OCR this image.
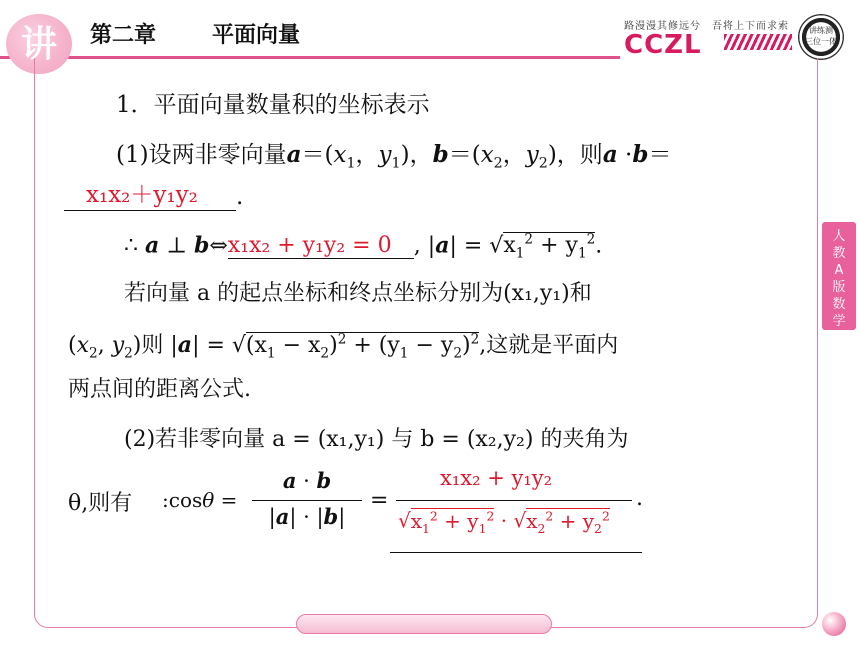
讲	第二章	平面向量	路漫漫其修远兮　吾将上下而求索
CCZL	讲练测
三位一体
人
教
A
版
数
学
1．平面向量数量积的坐标表示
(1)设两非零向量$a=(x_1$，$y_1$)，$b=(x_2$，$y_2$)，则a ·b＝
x₁x₂＋y₁y₂ .
∴ a ⊥ b⇔x₁x₂ + y₁y₂ = 0 , $|a| = √x_1^2 + y_1^2$.
若向量 a 的起点坐标和终点坐标分别为(x₁,y₁)和
($x_2$, $y_2$)则 $|a| = √(x_1 - x_2)^2 + (y_1 - y_2)^2$,这就是平面内
两点间的距离公式.
(2)若非零向量 a = (x₁,y₁) 与 b = (x₂,y₂) 的夹角为
θ,则有 :cosθ =
a · b
|a| · |b|
=
x₁x₂ + y₁y₂
$√x_1^2 + y_1^2 \cdot √x_2^2 + y_2^2$
.
